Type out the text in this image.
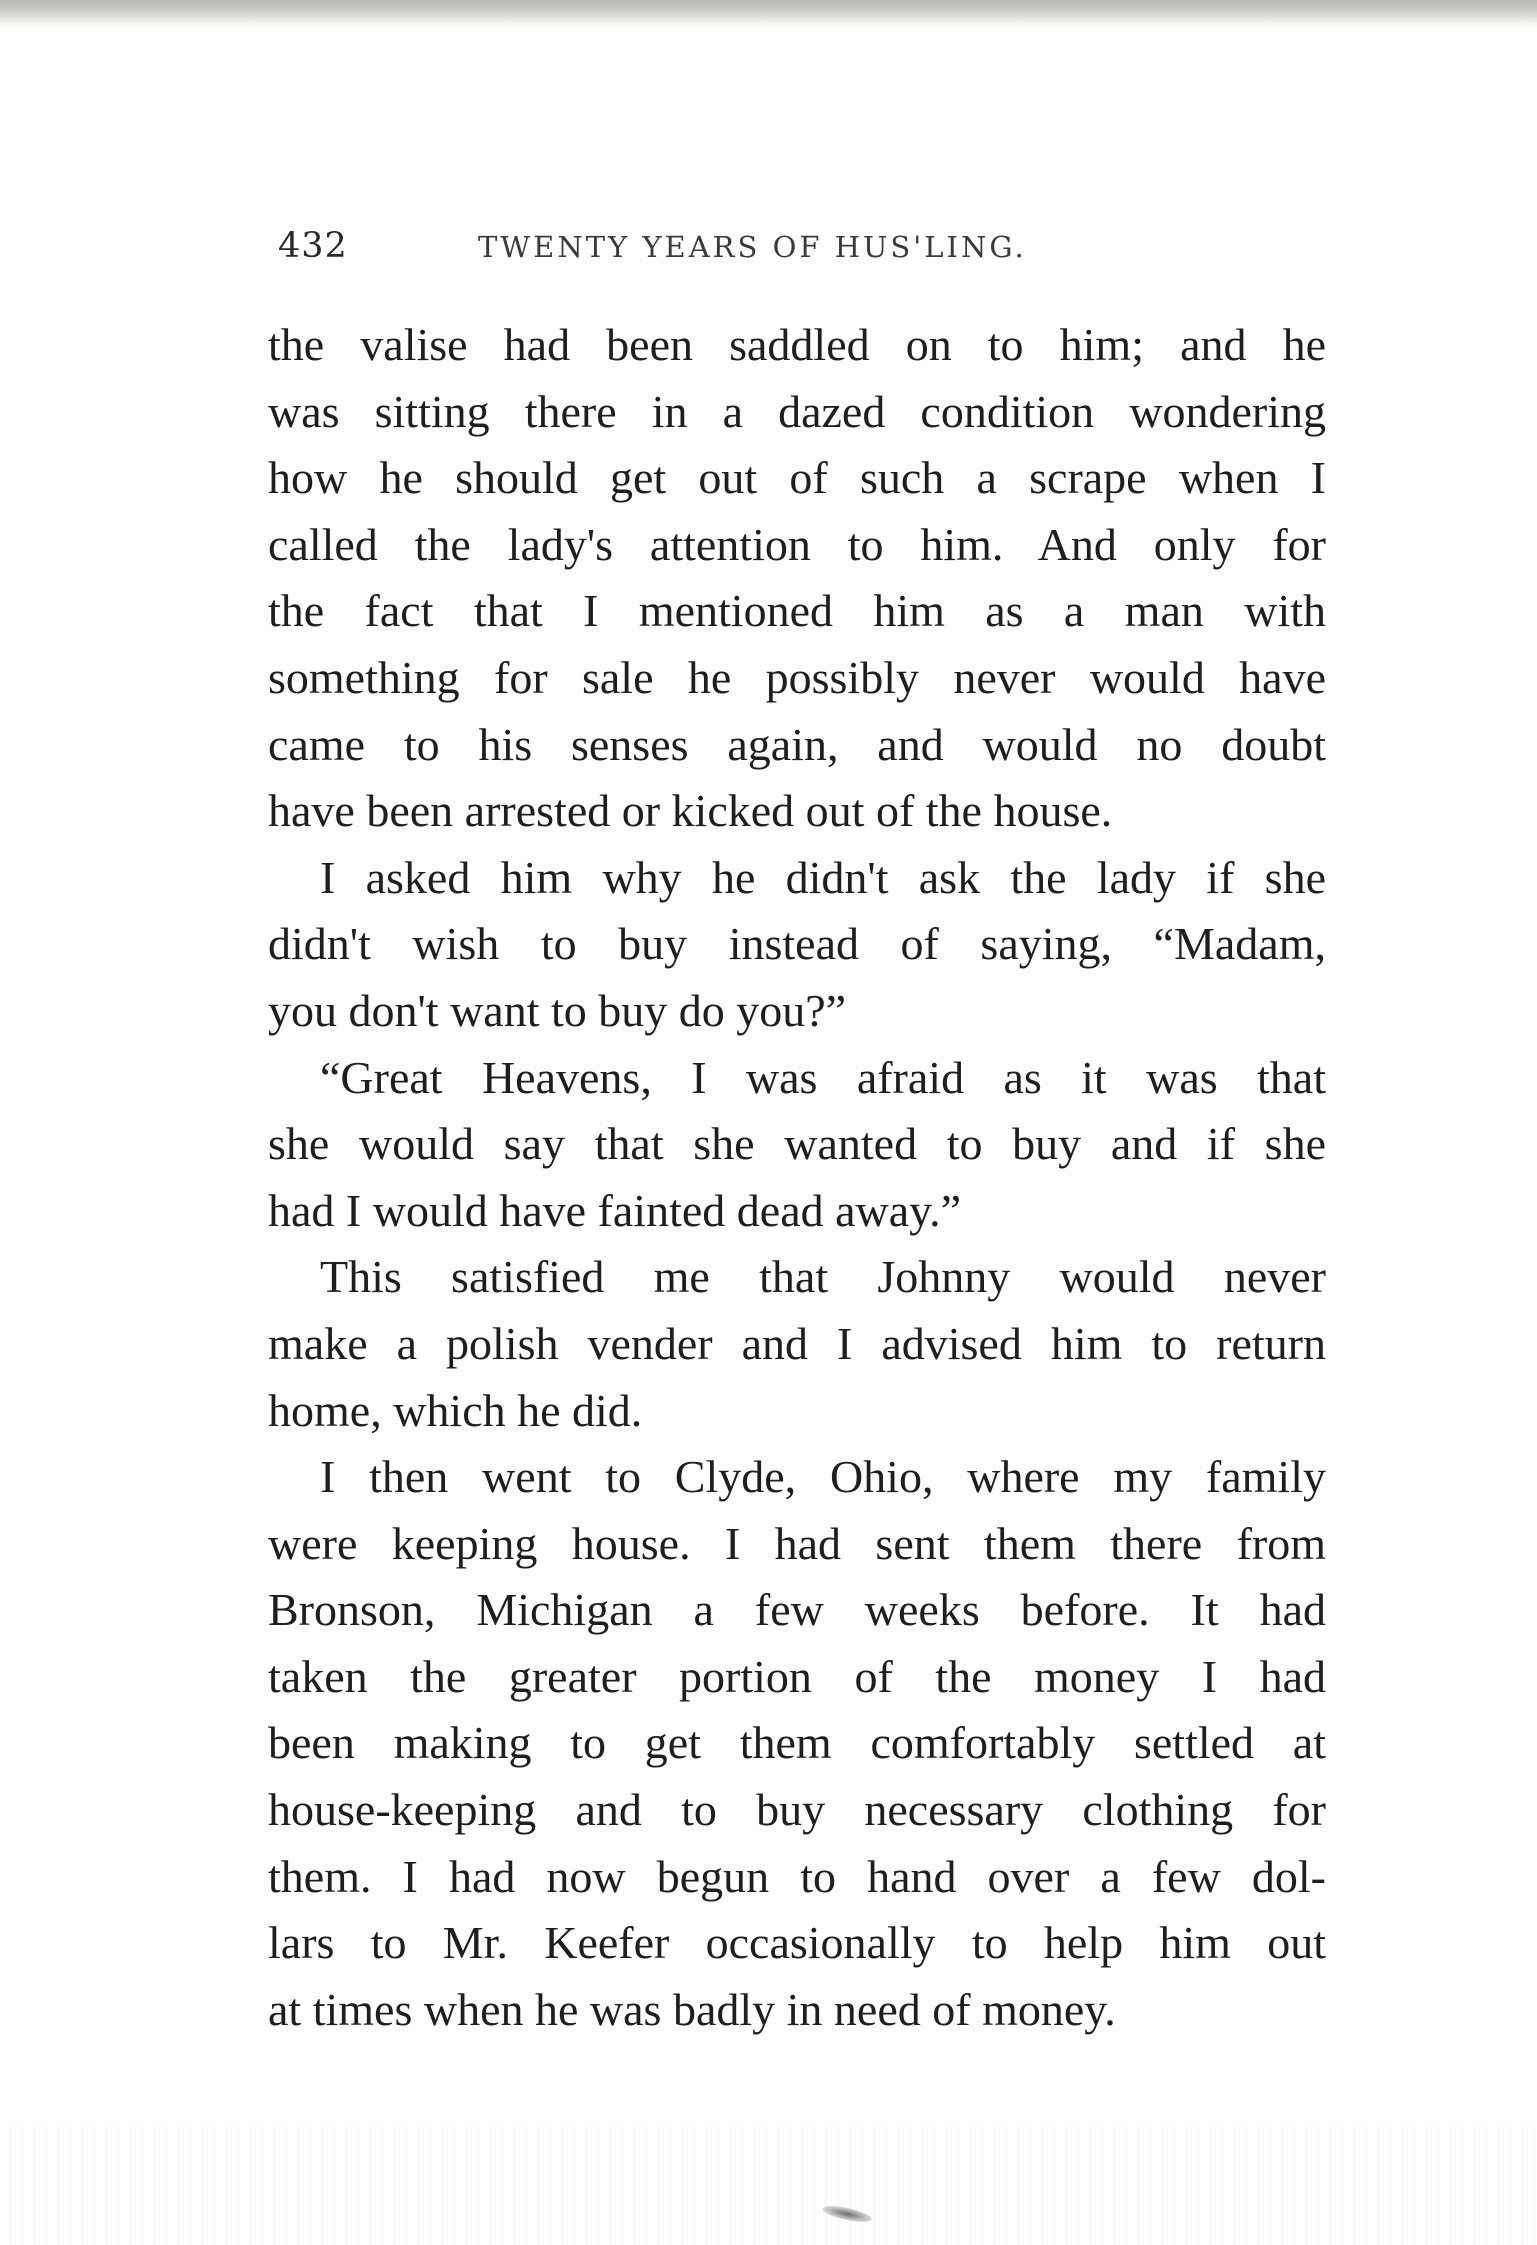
432	TWENTY YEARS OF HUS'LING.
the valise had been saddled on to him; and he
was sitting there in a dazed condition wondering
how he should get out of such a scrape when I
called the lady's attention to him. And only for
the fact that I mentioned him as a man with
something for sale he possibly never would have
came to his senses again, and would no doubt
have been arrested or kicked out of the house.
I asked him why he didn't ask the lady if she
didn't wish to buy instead of saying, “Madam,
you don't want to buy do you?”
“Great Heavens, I was afraid as it was that
she would say that she wanted to buy and if she
had I would have fainted dead away.”
This satisfied me that Johnny would never
make a polish vender and I advised him to return
home, which he did.
I then went to Clyde, Ohio, where my family
were keeping house. I had sent them there from
Bronson, Michigan a few weeks before. It had
taken the greater portion of the money I had
been making to get them comfortably settled at
house-keeping and to buy necessary clothing for
them. I had now begun to hand over a few dol-
lars to Mr. Keefer occasionally to help him out
at times when he was badly in need of money.
